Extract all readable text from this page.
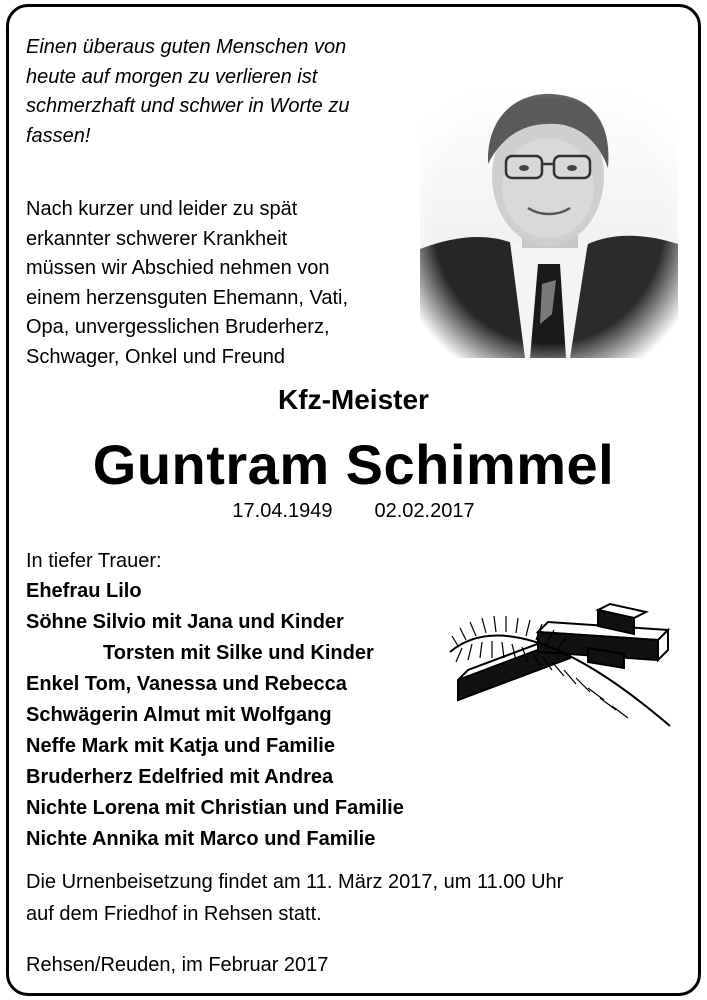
Einen überaus guten Menschen von
heute auf morgen zu verlieren ist
schmerzhaft und schwer in Worte zu
fassen!
Nach kurzer und leider zu spät
erkannter schwerer Krankheit
müssen wir Abschied nehmen von
einem herzensguten Ehemann, Vati,
Opa, unvergesslichen Bruderherz,
Schwager, Onkel und Freund
Kfz-Meister
Guntram Schimmel
17.04.1949 02.02.2017
In tiefer Trauer:
Ehefrau Lilo
Söhne Silvio mit Jana und Kinder
Torsten mit Silke und Kinder
Enkel Tom, Vanessa und Rebecca
Schwägerin Almut mit Wolfgang
Neffe Mark mit Katja und Familie
Bruderherz Edelfried mit Andrea
Nichte Lorena mit Christian und Familie
Nichte Annika mit Marco und Familie
Die Urnenbeisetzung findet am 11. März 2017, um 11.00 Uhr
auf dem Friedhof in Rehsen statt.
Rehsen/Reuden, im Februar 2017
